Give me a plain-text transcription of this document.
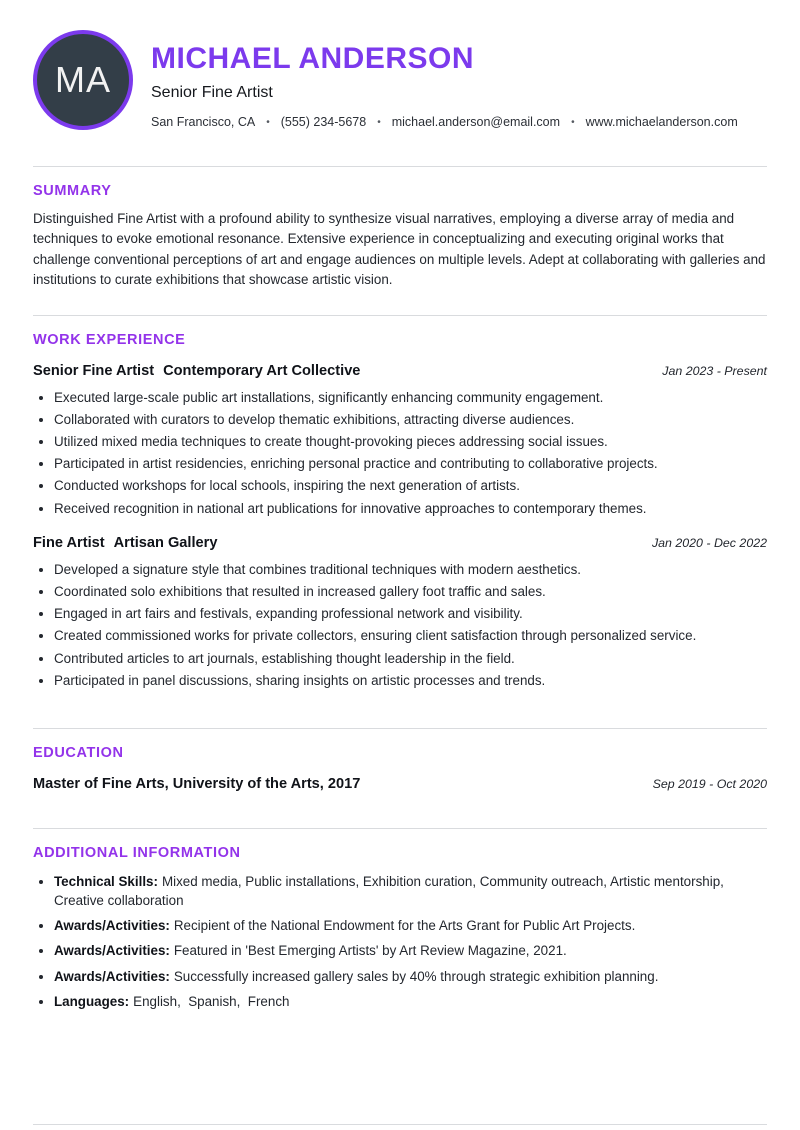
MA
MICHAEL ANDERSON
Senior Fine Artist
San Francisco, CA • (555) 234-5678 • michael.anderson@email.com • www.michaelanderson.com
SUMMARY

Distinguished Fine Artist with a profound ability to synthesize visual narratives, employing a diverse array of media and techniques to evoke emotional resonance. Extensive experience in conceptualizing and executing original works that challenge conventional perceptions of art and engage audiences on multiple levels. Adept at collaborating with galleries and institutions to curate exhibitions that showcase artistic vision.

WORK EXPERIENCE
Senior Fine Artist Contemporary Art Collective	Jan 2023 - Present
• Executed large-scale public art installations, significantly enhancing community engagement.
• Collaborated with curators to develop thematic exhibitions, attracting diverse audiences.
• Utilized mixed media techniques to create thought-provoking pieces addressing social issues.
• Participated in artist residencies, enriching personal practice and contributing to collaborative projects.
• Conducted workshops for local schools, inspiring the next generation of artists.
• Received recognition in national art publications for innovative approaches to contemporary themes.
Fine Artist Artisan Gallery	Jan 2020 - Dec 2022
• Developed a signature style that combines traditional techniques with modern aesthetics.
• Coordinated solo exhibitions that resulted in increased gallery foot traffic and sales.
• Engaged in art fairs and festivals, expanding professional network and visibility.
• Created commissioned works for private collectors, ensuring client satisfaction through personalized service.
• Contributed articles to art journals, establishing thought leadership in the field.
• Participated in panel discussions, sharing insights on artistic processes and trends.
EDUCATION
Master of Fine Arts, University of the Arts, 2017	Sep 2019 - Oct 2020
ADDITIONAL INFORMATION
• Technical Skills: Mixed media, Public installations, Exhibition curation, Community outreach, Artistic mentorship, Creative collaboration
• Awards/Activities: Recipient of the National Endowment for the Arts Grant for Public Art Projects.
• Awards/Activities: Featured in 'Best Emerging Artists' by Art Review Magazine, 2021.
• Awards/Activities: Successfully increased gallery sales by 40% through strategic exhibition planning.
• Languages: English,  Spanish,  French
